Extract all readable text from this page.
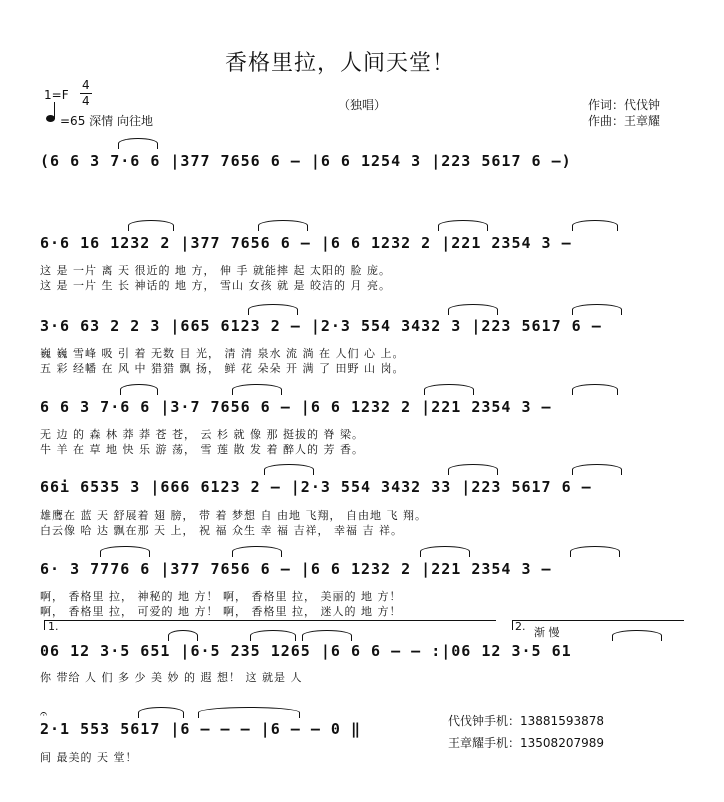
香格里拉，人间天堂！
1=F
4
4
=65 深情 向往地
（独唱）	作词：代伐钟
作曲：王章耀
(6 6 3 7·6 6 |377 7656 6 – |6 6 1254 3 |223 5617 6 –)
6·6 16 1232 2 |377 7656 6 – |6 6 1232 2 |221 2354 3 –
这 是 一片 离 天 很近的 地 方， 伸 手 就能摔 起 太阳的 脸 庞。
这 是 一片 生 长 神话的 地 方， 雪山 女孩 就 是 皎洁的 月 亮。
3·6 63 2 2 3 |665 6123 2 – |2·3 554 3432 3 |223 5617 6 –
巍 巍 雪峰 吸 引 着 无数 目 光， 清 清 泉水 流 淌 在 人们 心 上。
五 彩 经幡 在 风 中 猎猎 飘 扬， 鲜 花 朵朵 开 满 了 田野 山 岗。
6 6 3 7·6 6 |3·7 7656 6 – |6 6 1232 2 |221 2354 3 –
无 边 的 森 林 莽 莽 苍 苍， 云 杉 就 像 那 挺拔的 脊 梁。
牛 羊 在 草 地 快 乐 游 荡， 雪 莲 散 发 着 醉人的 芳 香。
66i 6535 3 |666 6123 2 – |2·3 554 3432 33 |223 5617 6 –
雄鹰在 蓝 天 舒展着 翅 膀， 带 着 梦想 自 由地 飞翔， 自由地 飞 翔。
白云像 哈 达 飘在那 天 上， 祝 福 众生 幸 福 吉祥， 幸福 吉 祥。
6· 3 7776 6 |377 7656 6 – |6 6 1232 2 |221 2354 3 –
啊， 香格里 拉， 神秘的 地 方！ 啊， 香格里 拉， 美丽的 地 方！
啊， 香格里 拉， 可爱的 地 方！ 啊， 香格里 拉， 迷人的 地 方！
1.	2. 渐 慢
06 12 3·5 651 |6·5 235 1265 |6 6 6 – – :|06 12 3·5 61
你 带给 人 们 多 少 美 妙 的 遐 想！ 这 就是 人
𝄐
2·1 553 5617 |6 – – – |6 – – 0 ‖
间 最美的 天 堂！
代伐钟手机：13881593878
王章耀手机：13508207989
